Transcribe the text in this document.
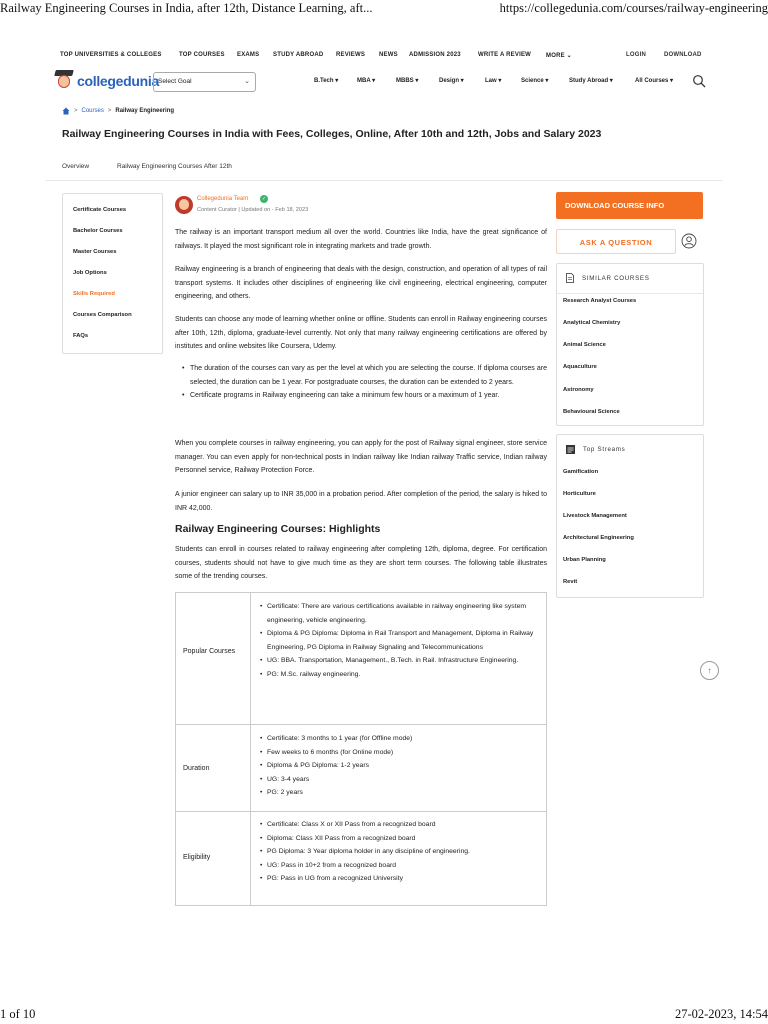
Railway Engineering Courses in India, after 12th, Distance Learning, aft...	https://collegedunia.com/courses/railway-engineering
TOP UNIVERSITIES & COLLEGES	TOP COURSES EXAMS STUDY ABROAD REVIEWS NEWS ADMISSION 2023	WRITE A REVIEW MORE ⌄	LOGIN	DOWNLOAD
collegedunia Select Goal	⌄	B.Tech ▾	MBA ▾	MBBS ▾	Design ▾	Law ▾	Science ▾	Study Abroad ▾	All Courses ▾
> Courses > Railway Engineering
Railway Engineering Courses in India with Fees, Colleges, Online, After 10th and 12th, Jobs and Salary 2023
Overview	Railway Engineering Courses After 12th
Certificate Courses
Bachelor Courses
Master Courses
Job Options
Skills Required
Courses Comparison
FAQs
Collegedunia Team	✓
Content Curator | Updated on - Feb 18, 2023

The railway is an important transport medium all over the world. Countries like India, have the great significance of railways. It played the most significant role in integrating markets and trade growth.

Railway engineering is a branch of engineering that deals with the design, construction, and operation of all types of rail transport systems. It includes other disciplines of engineering like civil engineering, electrical engineering, computer engineering, and others.

Students can choose any mode of learning whether online or offline. Students can enroll in Railway engineering courses after 10th, 12th, diploma, graduate-level currently. Not only that many railway engineering certifications are offered by institutes and online websites like Coursera, Udemy.

• The duration of the courses can vary as per the level at which you are selecting the course. If diploma courses are selected, the duration can be 1 year. For postgraduate courses, the duration can be extended to 2 years.
• Certificate programs in Railway engineering can take a minimum few hours or a maximum of 1 year.

When you complete courses in railway engineering, you can apply for the post of Railway signal engineer, store service manager. You can even apply for non-technical posts in Indian railway like Indian railway Traffic service, Indian railway Personnel service, Railway Protection Force.

A junior engineer can salary up to INR 35,000 in a probation period. After completion of the period, the salary is hiked to INR 42,000.

Railway Engineering Courses: Highlights

Students can enroll in courses related to railway engineering after completing 12th, diploma, degree. For certification courses, students should not have to give much time as they are short term courses. The following table illustrates some of the trending courses.

Popular Courses
• Certificate: There are various certifications available in railway engineering like system engineering, vehicle engineering.
• Diploma & PG Diploma: Diploma in Rail Transport and Management, Diploma in Railway Engineering, PG Diploma in Railway Signaling and Telecommunications
• UG: BBA. Transportation, Management., B.Tech. in Rail. Infrastructure Engineering.
• PG: M.Sc. railway engineering.
Duration
• Certificate: 3 months to 1 year (for Offline mode)
• Few weeks to 6 months (for Online mode)
• Diploma & PG Diploma: 1-2 years
• UG: 3-4 years
• PG: 2 years
Eligibility
• Certificate: Class X or XII Pass from a recognized board
• Diploma: Class XII Pass from a recognized board
• PG Diploma: 3 Year diploma holder in any discipline of engineering.
• UG: Pass in 10+2 from a recognized board
• PG: Pass in UG from a recognized University
DOWNLOAD COURSE INFO
ASK A QUESTION
SIMILAR COURSES
Research Analyst Courses
Analytical Chemistry
Animal Science
Aquaculture
Astronomy
Behavioural Science
Top Streams
Gamification
Horticulture
Livestock Management
Architectural Engineering
Urban Planning
Revit
↑
1 of 10	27-02-2023, 14:54
